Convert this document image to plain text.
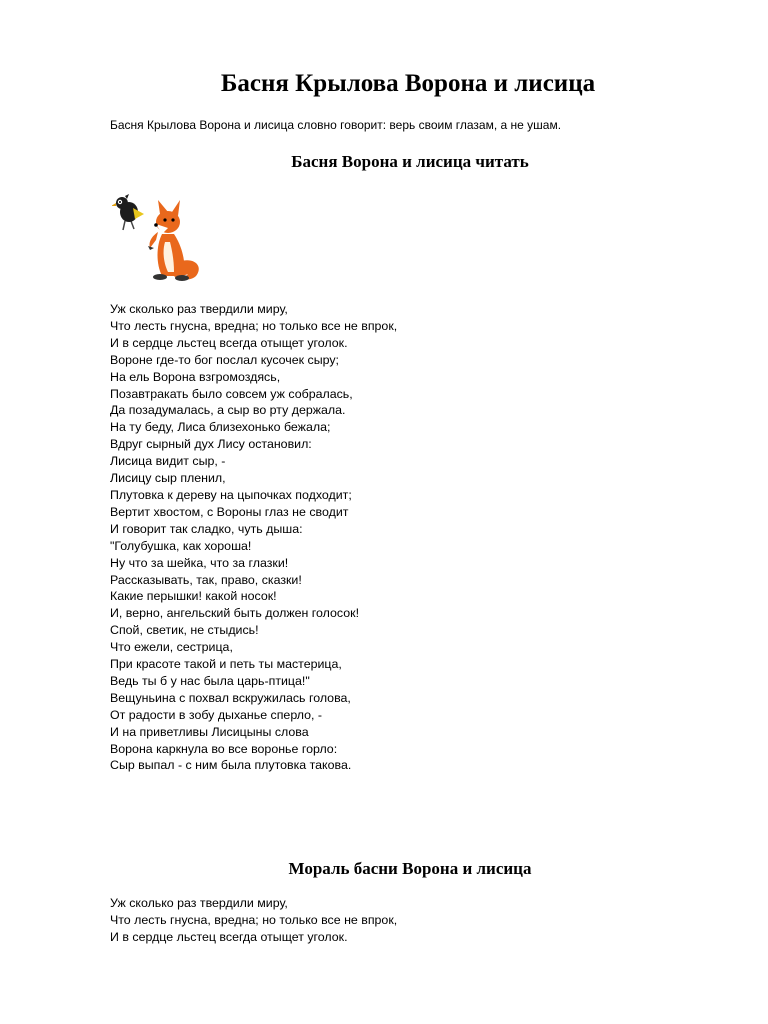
Басня Крылова Ворона и лисица

Басня Крылова Ворона и лисица словно говорит: верь своим глазам, а не ушам.

Басня Ворона и лисица читать
Уж сколько раз твердили миру,
Что лесть гнусна, вредна; но только все не впрок,
И в сердце льстец всегда отыщет уголок.
Вороне где-то бог послал кусочек сыру;
На ель Ворона взгромоздясь,
Позавтракать было совсем уж собралась,
Да позадумалась, а сыр во рту держала.
На ту беду, Лиса близехонько бежала;
Вдруг сырный дух Лису остановил:
Лисица видит сыр, -
Лисицу сыр пленил,
Плутовка к дереву на цыпочках подходит;
Вертит хвостом, с Вороны глаз не сводит
И говорит так сладко, чуть дыша:
"Голубушка, как хороша!
Ну что за шейка, что за глазки!
Рассказывать, так, право, сказки!
Какие перышки! какой носок!
И, верно, ангельский быть должен голосок!
Спой, светик, не стыдись!
Что ежели, сестрица,
При красоте такой и петь ты мастерица,
Ведь ты б у нас была царь-птица!"
Вещуньина с похвал вскружилась голова,
От радости в зобу дыханье сперло, -
И на приветливы Лисицыны слова
Ворона каркнула во все воронье горло:
Сыр выпал - с ним была плутовка такова.
Мораль басни Ворона и лисица
Уж сколько раз твердили миру,
Что лесть гнусна, вредна; но только все не впрок,
И в сердце льстец всегда отыщет уголок.
